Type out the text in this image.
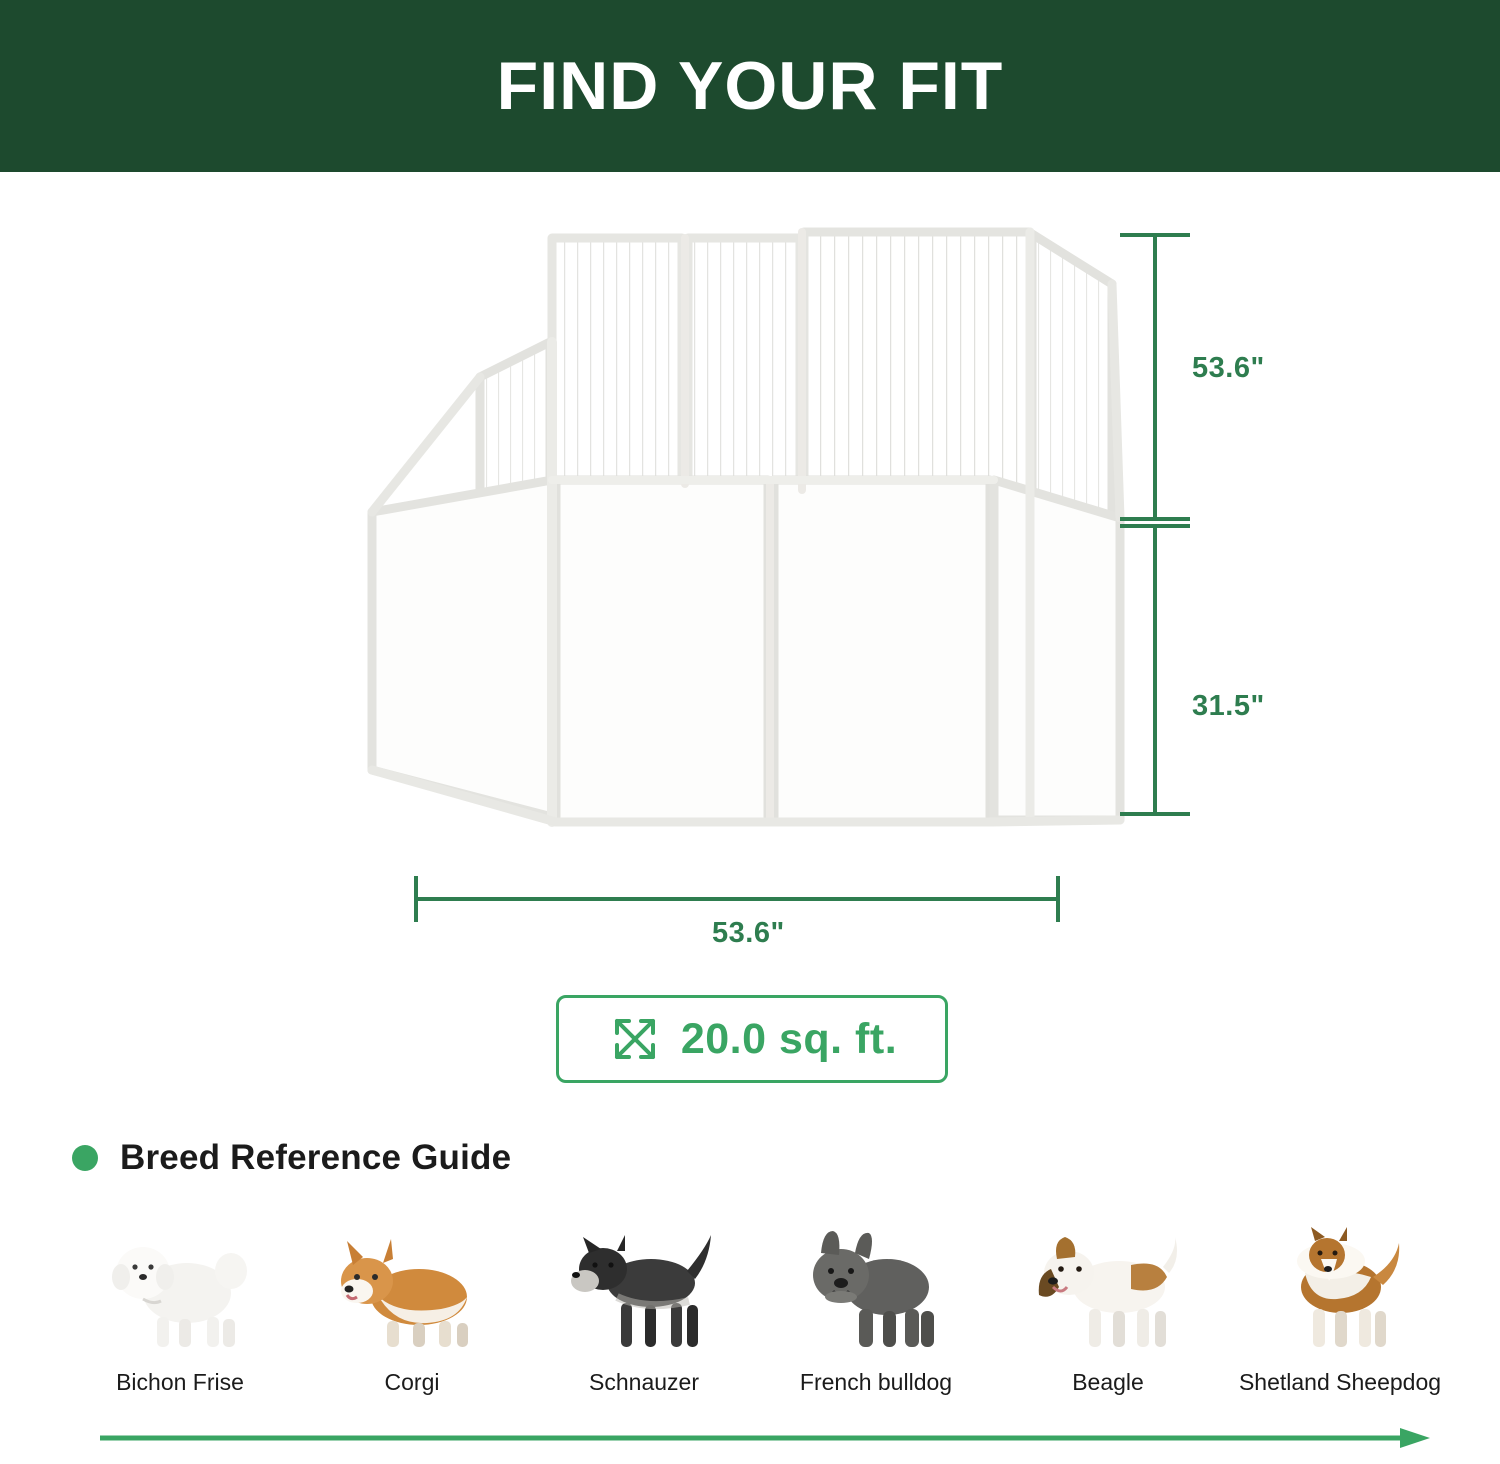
FIND YOUR FIT
53.6"
31.5"
53.6"
20.0 sq. ft.
Breed Reference Guide
Bichon Frise	Corgi	Schnauzer	French bulldog	Beagle	Shetland Sheepdog
